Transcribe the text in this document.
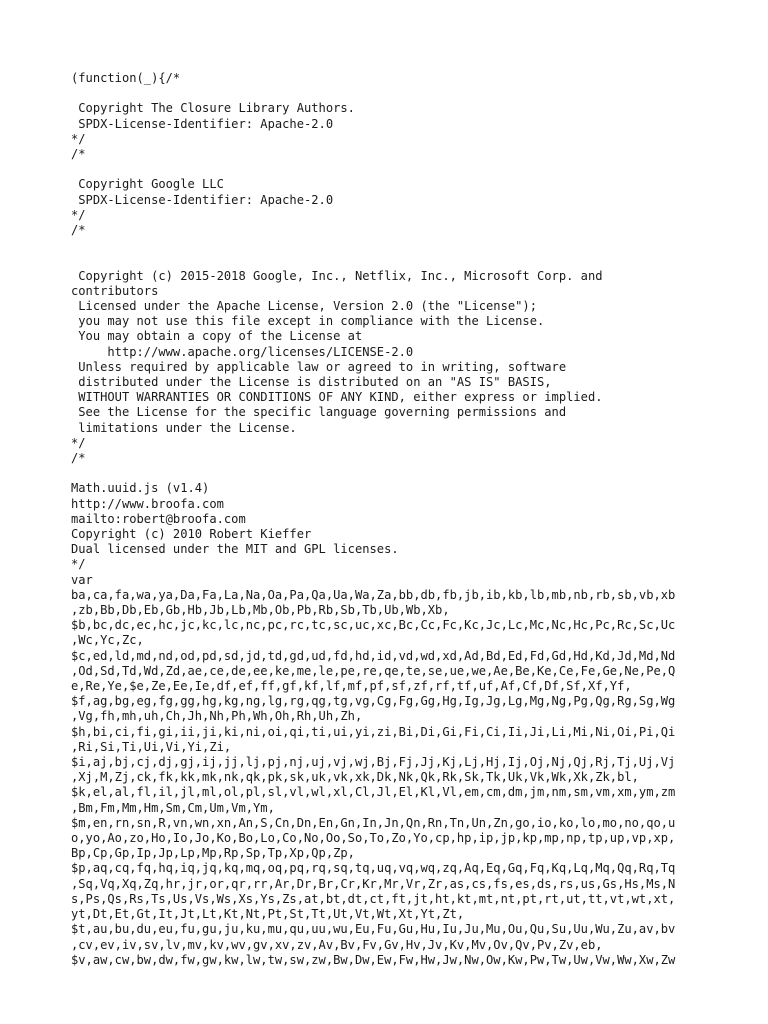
(function(_){/*
Copyright The Closure Library Authors.
SPDX-License-Identifier: Apache-2.0
*/
/*
Copyright Google LLC
SPDX-License-Identifier: Apache-2.0
*/
/*
Copyright (c) 2015-2018 Google, Inc., Netflix, Inc., Microsoft Corp. and
contributors
Licensed under the Apache License, Version 2.0 (the "License");
you may not use this file except in compliance with the License.
You may obtain a copy of the License at
http://www.apache.org/licenses/LICENSE-2.0
Unless required by applicable law or agreed to in writing, software
distributed under the License is distributed on an "AS IS" BASIS,
WITHOUT WARRANTIES OR CONDITIONS OF ANY KIND, either express or implied.
See the License for the specific language governing permissions and
limitations under the License.
*/
/*
Math.uuid.js (v1.4)
http://www.broofa.com
mailto:robert@broofa.com
Copyright (c) 2010 Robert Kieffer
Dual licensed under the MIT and GPL licenses.
*/
var
ba,ca,fa,wa,ya,Da,Fa,La,Na,Oa,Pa,Qa,Ua,Wa,Za,bb,db,fb,jb,ib,kb,lb,mb,nb,rb,sb,vb,xb
,zb,Bb,Db,Eb,Gb,Hb,Jb,Lb,Mb,Ob,Pb,Rb,Sb,Tb,Ub,Wb,Xb,
$b,bc,dc,ec,hc,jc,kc,lc,nc,pc,rc,tc,sc,uc,xc,Bc,Cc,Fc,Kc,Jc,Lc,Mc,Nc,Hc,Pc,Rc,Sc,Uc
,Wc,Yc,Zc,
$c,ed,ld,md,nd,od,pd,sd,jd,td,gd,ud,fd,hd,id,vd,wd,xd,Ad,Bd,Ed,Fd,Gd,Hd,Kd,Jd,Md,Nd
,Od,Sd,Td,Wd,Zd,ae,ce,de,ee,ke,me,le,pe,re,qe,te,se,ue,we,Ae,Be,Ke,Ce,Fe,Ge,Ne,Pe,Q
e,Re,Ye,$e,Ze,Ee,Ie,df,ef,ff,gf,kf,lf,mf,pf,sf,zf,rf,tf,uf,Af,Cf,Df,Sf,Xf,Yf,
$f,ag,bg,eg,fg,gg,hg,kg,ng,lg,rg,qg,tg,vg,Cg,Fg,Gg,Hg,Ig,Jg,Lg,Mg,Ng,Pg,Qg,Rg,Sg,Wg
,Vg,fh,mh,uh,Ch,Jh,Nh,Ph,Wh,Oh,Rh,Uh,Zh,
$h,bi,ci,fi,gi,ii,ji,ki,ni,oi,qi,ti,ui,yi,zi,Bi,Di,Gi,Fi,Ci,Ii,Ji,Li,Mi,Ni,Oi,Pi,Qi
,Ri,Si,Ti,Ui,Vi,Yi,Zi,
$i,aj,bj,cj,dj,gj,ij,jj,lj,pj,nj,uj,vj,wj,Bj,Fj,Jj,Kj,Lj,Hj,Ij,Oj,Nj,Qj,Rj,Tj,Uj,Vj
,Xj,M,Zj,ck,fk,kk,mk,nk,qk,pk,sk,uk,vk,xk,Dk,Nk,Qk,Rk,Sk,Tk,Uk,Vk,Wk,Xk,Zk,bl,
$k,el,al,fl,il,jl,ml,ol,pl,sl,vl,wl,xl,Cl,Jl,El,Kl,Vl,em,cm,dm,jm,nm,sm,vm,xm,ym,zm
,Bm,Fm,Mm,Hm,Sm,Cm,Um,Vm,Ym,
$m,en,rn,sn,R,vn,wn,xn,An,S,Cn,Dn,En,Gn,In,Jn,Qn,Rn,Tn,Un,Zn,go,io,ko,lo,mo,no,qo,u
o,yo,Ao,zo,Ho,Io,Jo,Ko,Bo,Lo,Co,No,Oo,So,To,Zo,Yo,cp,hp,ip,jp,kp,mp,np,tp,up,vp,xp,
Bp,Cp,Gp,Ip,Jp,Lp,Mp,Rp,Sp,Tp,Xp,Qp,Zp,
$p,aq,cq,fq,hq,iq,jq,kq,mq,oq,pq,rq,sq,tq,uq,vq,wq,zq,Aq,Eq,Gq,Fq,Kq,Lq,Mq,Qq,Rq,Tq
,Sq,Vq,Xq,Zq,hr,jr,or,qr,rr,Ar,Dr,Br,Cr,Kr,Mr,Vr,Zr,as,cs,fs,es,ds,rs,us,Gs,Hs,Ms,N
s,Ps,Qs,Rs,Ts,Us,Vs,Ws,Xs,Ys,Zs,at,bt,dt,ct,ft,jt,ht,kt,mt,nt,pt,rt,ut,tt,vt,wt,xt,
yt,Dt,Et,Gt,It,Jt,Lt,Kt,Nt,Pt,St,Tt,Ut,Vt,Wt,Xt,Yt,Zt,
$t,au,bu,du,eu,fu,gu,ju,ku,mu,qu,uu,wu,Eu,Fu,Gu,Hu,Iu,Ju,Mu,Ou,Qu,Su,Uu,Wu,Zu,av,bv
,cv,ev,iv,sv,lv,mv,kv,wv,gv,xv,zv,Av,Bv,Fv,Gv,Hv,Jv,Kv,Mv,Ov,Qv,Pv,Zv,eb,
$v,aw,cw,bw,dw,fw,gw,kw,lw,tw,sw,zw,Bw,Dw,Ew,Fw,Hw,Jw,Nw,Ow,Kw,Pw,Tw,Uw,Vw,Ww,Xw,Zw
